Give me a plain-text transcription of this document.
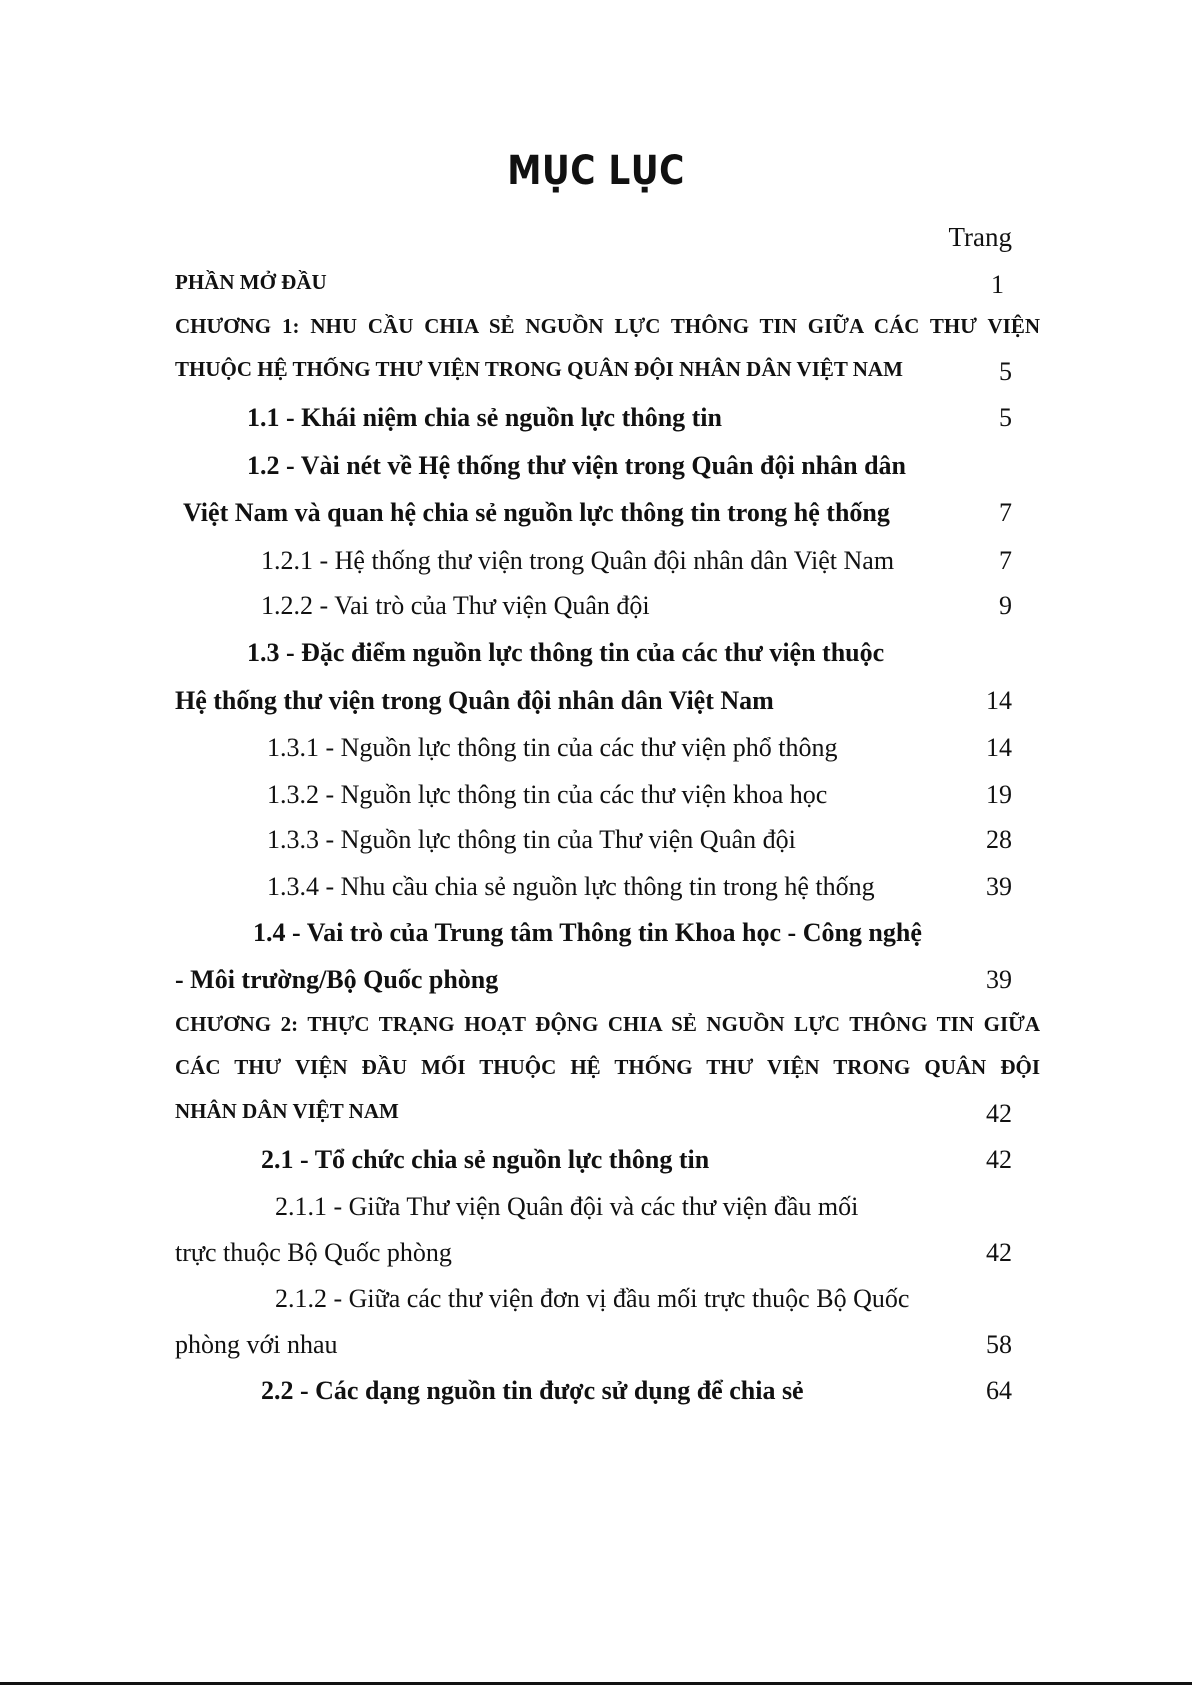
MỤC LỤC
Trang
PHẦN MỞ ĐẦU	1
CHƯƠNG 1: NHU CẦU CHIA SẺ NGUỒN LỰC THÔNG TIN GIỮA CÁC THƯ VIỆN
THUỘC HỆ THỐNG THƯ VIỆN TRONG QUÂN ĐỘI NHÂN DÂN VIỆT NAM	5
1.1 - Khái niệm chia sẻ nguồn lực thông tin	5
1.2 - Vài nét về Hệ thống thư viện trong Quân đội nhân dân
Việt Nam và quan hệ chia sẻ nguồn lực thông tin trong hệ thống	7
1.2.1 - Hệ thống thư viện trong Quân đội nhân dân Việt Nam	7
1.2.2 - Vai trò của Thư viện Quân đội	9
1.3 - Đặc điểm nguồn lực thông tin của các thư viện thuộc
Hệ thống thư viện trong Quân đội nhân dân Việt Nam	14
1.3.1 - Nguồn lực thông tin của các thư viện phổ thông	14
1.3.2 - Nguồn lực thông tin của các thư viện khoa học	19
1.3.3 - Nguồn lực thông tin của Thư viện Quân đội	28
1.3.4 - Nhu cầu chia sẻ nguồn lực thông tin trong hệ thống	39
1.4 - Vai trò của Trung tâm Thông tin Khoa học - Công nghệ
- Môi trường/Bộ Quốc phòng	39
CHƯƠNG 2: THỰC TRẠNG HOẠT ĐỘNG CHIA SẺ NGUỒN LỰC THÔNG TIN GIỮA
CÁC THƯ VIỆN ĐẦU MỐI THUỘC HỆ THỐNG THƯ VIỆN TRONG QUÂN ĐỘI
NHÂN DÂN VIỆT NAM	42
2.1 - Tổ chức chia sẻ nguồn lực thông tin	42
2.1.1 - Giữa Thư viện Quân đội và các thư viện đầu mối
trực thuộc Bộ Quốc phòng	42
2.1.2 - Giữa các thư viện đơn vị đầu mối trực thuộc Bộ Quốc
phòng với nhau	58
2.2 - Các dạng nguồn tin được sử dụng để chia sẻ	64
